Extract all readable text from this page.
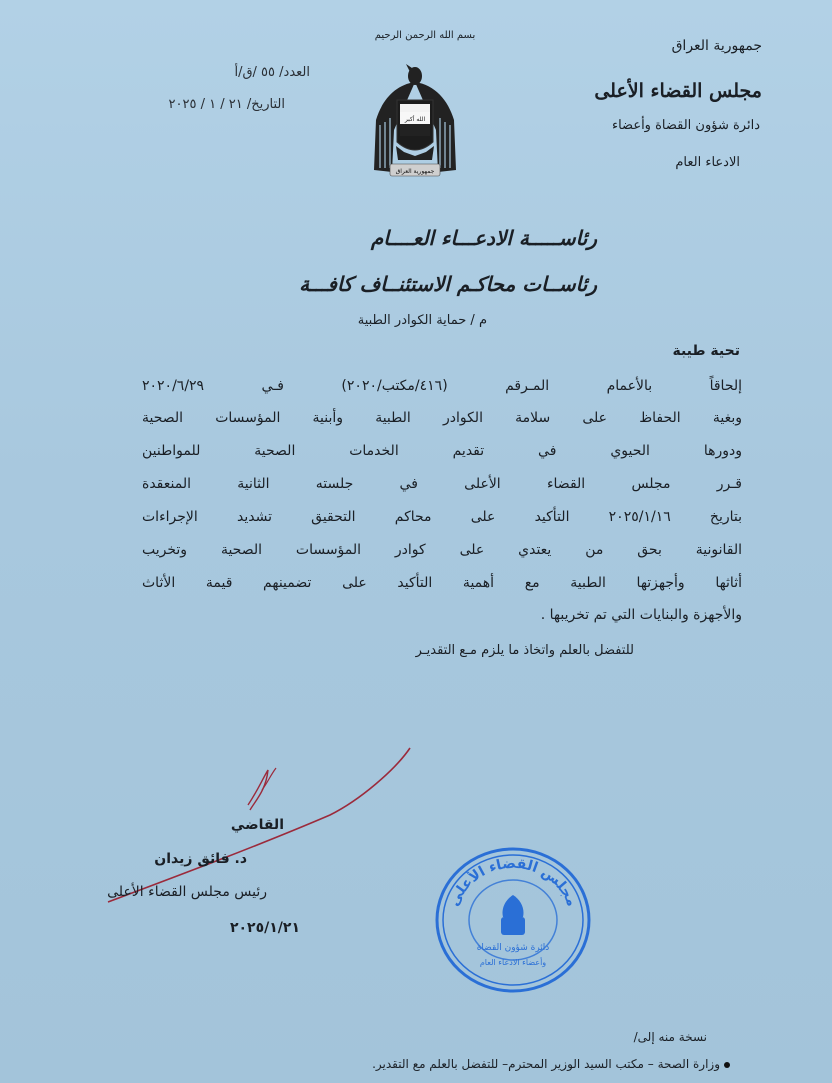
بسم الله الرحمن الرحيم
جمهورية العراق
مجلس القضاء الأعلى
دائرة شؤون القضاة وأعضاء
الادعاء العام
العدد/ ٥٥ /ق/أ
التاريخ/ ٢١ / ١ / ٢٠٢٥
الله أكبر
جمهورية العراق
رئاســـــة الادعـــاء العــــام
رئاســات محاكـم الاستئنــاف كافـــة
م / حماية الكوادر الطبية
تحية طيبة
إلحاقاً بالأعمام المـرقم (٤١٦/مكتب/٢٠٢٠) فـي ٢٠٢٠/٦/٢٩
وبغية الحفاظ على سلامة الكوادر الطبية وأبنية المؤسسات الصحية
ودورها الحيوي في تقديم الخدمات الصحية للمواطنين
قـرر مجلس القضاء الأعلى في جلسته الثانية المنعقدة
بتاريخ ٢٠٢٥/١/١٦ التأكيد على محاكم التحقيق تشديد الإجراءات
القانونية بحق من يعتدي على كوادر المؤسسات الصحية وتخريب
أثاثها وأجهزتها الطبية مع أهمية التأكيد على تضمينهم قيمة الأثاث
والأجهزة والبنايات التي تم تخريبها .
للتفضل بالعلم واتخاذ ما يلزم مـع التقديـر
القاضي
د. فائق زيدان
رئيس مجلس القضاء الأعلى
٢٠٢٥/١/٢١
مجلس القضاء الأعلى
دائرة شؤون القضاة
وأعضاء الادعاء العام
نسخة منه إلى/
وزارة الصحة – مكتب السيد الوزير المحترم– للتفضل بالعلم مع التقدير.
